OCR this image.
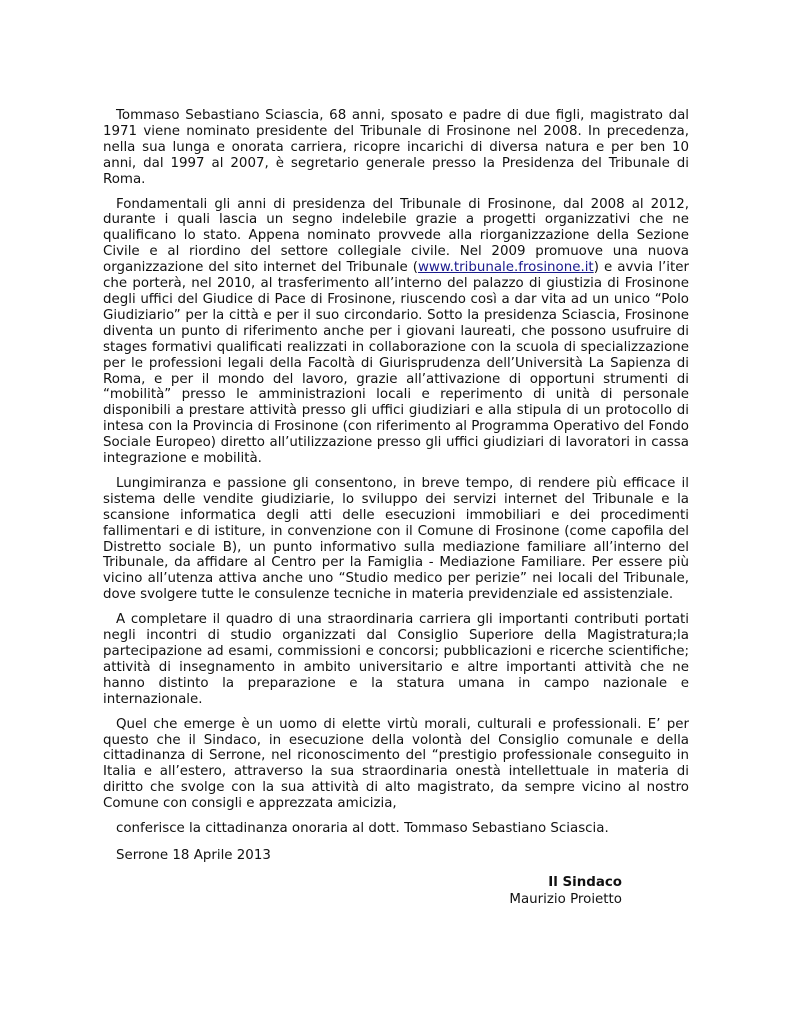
Tommaso Sebastiano Sciascia, 68 anni, sposato e padre di due figli, magistrato dal 1971 viene nominato presidente del Tribunale di Frosinone nel 2008. In precedenza, nella sua lunga e onorata carriera, ricopre incarichi di diversa natura e per ben 10 anni, dal 1997 al 2007, è segretario generale presso la Presidenza del Tribunale di Roma.

Fondamentali gli anni di presidenza del Tribunale di Frosinone, dal 2008 al 2012, durante i quali lascia un segno indelebile grazie a progetti organizzativi che ne qualificano lo stato. Appena nominato provvede alla riorganizzazione della Sezione Civile e al riordino del settore collegiale civile. Nel 2009 promuove una nuova organizzazione del sito internet del Tribunale (www.tribunale.frosinone.it) e avvia l’iter che porterà, nel 2010, al trasferimento all’interno del palazzo di giustizia di Frosinone degli uffici del Giudice di Pace di Frosinone, riuscendo così a dar vita ad un unico “Polo Giudiziario” per la città e per il suo circondario. Sotto la presidenza Sciascia, Frosinone diventa un punto di riferimento anche per i giovani laureati, che possono usufruire di stages formativi qualificati realizzati in collaborazione con la scuola di specializzazione per le professioni legali della Facoltà di Giurisprudenza dell’Università La Sapienza di Roma, e per il mondo del lavoro, grazie all’attivazione di opportuni strumenti di “mobilità” presso le amministrazioni locali e reperimento di unità di personale disponibili a prestare attività presso gli uffici giudiziari e alla stipula di un protocollo di intesa con la Provincia di Frosinone (con riferimento al Programma Operativo del Fondo Sociale Europeo) diretto all’utilizzazione presso gli uffici giudiziari di lavoratori in cassa integrazione e mobilità.

Lungimiranza e passione gli consentono, in breve tempo, di rendere più efficace il sistema delle vendite giudiziarie, lo sviluppo dei servizi internet del Tribunale e la scansione informatica degli atti delle esecuzioni immobiliari e dei procedimenti fallimentari e di istiture, in convenzione con il Comune di Frosinone (come capofila del Distretto sociale B), un punto informativo sulla mediazione familiare all’interno del Tribunale, da affidare al Centro per la Famiglia - Mediazione Familiare. Per essere più vicino all’utenza attiva anche uno “Studio medico per perizie” nei locali del Tribunale, dove svolgere tutte le consulenze tecniche in materia previdenziale ed assistenziale.

A completare il quadro di una straordinaria carriera gli importanti contributi portati negli incontri di studio organizzati dal Consiglio Superiore della Magistratura;la partecipazione ad esami, commissioni e concorsi; pubblicazioni e ricerche scientifiche; attività di insegnamento in ambito universitario e altre importanti attività che ne hanno distinto la preparazione e la statura umana in campo nazionale e internazionale.

Quel che emerge è un uomo di elette virtù morali, culturali e professionali. E’ per questo che il Sindaco, in esecuzione della volontà del Consiglio comunale e della cittadinanza di Serrone, nel riconoscimento del “prestigio professionale conseguito in Italia e all’estero, attraverso la sua straordinaria onestà intellettuale in materia di diritto che svolge con la sua attività di alto magistrato, da sempre vicino al nostro Comune con consigli e apprezzata amicizia,

conferisce la cittadinanza onoraria al dott. Tommaso Sebastiano Sciascia.

Serrone 18 Aprile 2013

Il Sindaco
Maurizio Proietto
